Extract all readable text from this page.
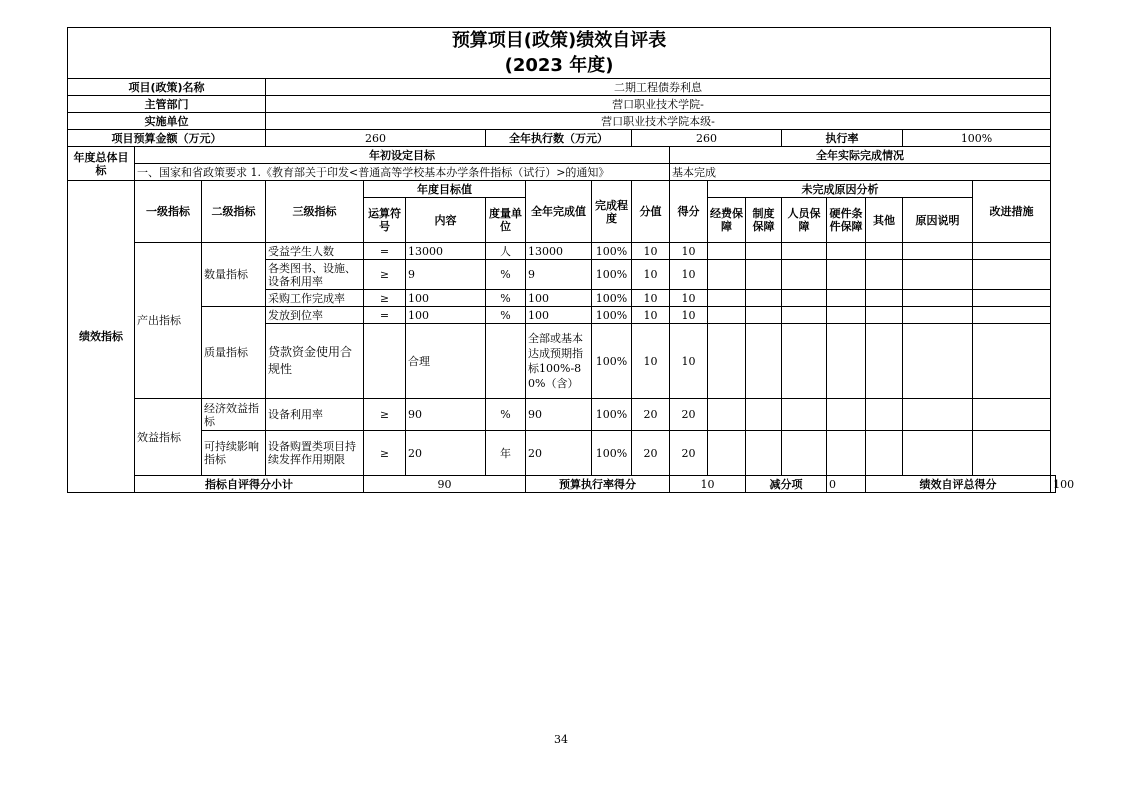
预算项目(政策)绩效自评表
(2023 年度)																		

项目(政策)名称			二期工程债券利息															
主管部门			营口职业技术学院-															
实施单位			营口职业技术学院本级-															
项目预算金额（万元）			260			全年执行数（万元）			260				执行率			100%		
年度总体目标	年初设定目标									全年实际完成情况								
	一、国家和省政策要求 1.《教育部关于印发<普通高等学校基本办学条件指标（试行）>的通知》									基本完成								
绩效指标	一级指标	二级指标	三级指标	年度目标值			全年完成值	完成程度	分值	得分	未完成原因分析						改进措施	
				运算符号	内容	度量单位					经费保障	制度保障	人员保障	硬件条件保障	其他	原因说明		
	产出指标	数量指标	受益学生人数	=	13000	人	13000	100%	10	10								
			各类图书、设施、设备利用率	≥	9	%	9	100%	10	10								
			采购工作完成率	≥	100	%	100	100%	10	10								
		质量指标	发放到位率	=	100	%	100	100%	10	10								
			贷款资金使用合规性		合理		全部或基本达成预期指标100%-80%（含）	100%	10	10								
	效益指标	经济效益指标	设备利用率	≥	90	%	90	100%	20	20								
		可持续影响指标	设备购置类项目持续发挥作用期限	≥	20	年	20	100%	20	20								
	指标自评得分小计			90			预算执行率得分			10		减分项		0	绩效自评总得分			100
34
